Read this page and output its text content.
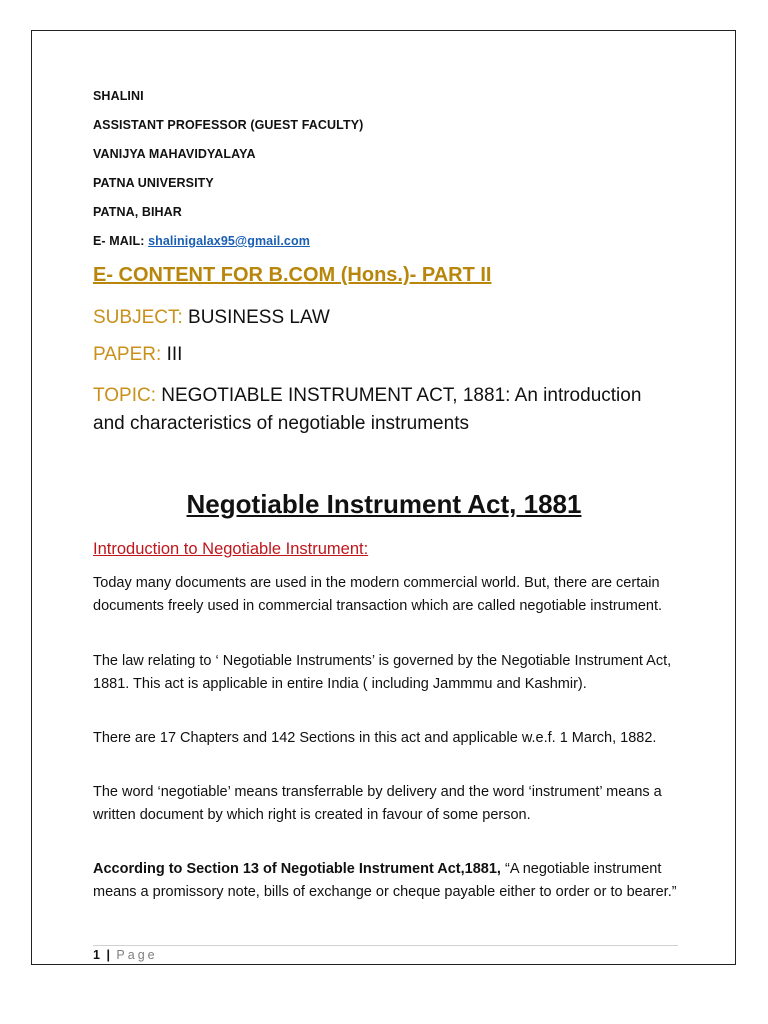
SHALINI
ASSISTANT PROFESSOR (GUEST FACULTY)
VANIJYA MAHAVIDYALAYA
PATNA UNIVERSITY
PATNA, BIHAR
E- MAIL: shalinigalax95@gmail.com
E- CONTENT FOR B.COM (Hons.)- PART II
SUBJECT: BUSINESS LAW
PAPER: III
TOPIC: NEGOTIABLE INSTRUMENT ACT, 1881: An introduction and characteristics of negotiable instruments
Negotiable Instrument Act, 1881
Introduction to Negotiable Instrument:
Today many documents are used in the modern commercial world. But, there are certain documents freely used in commercial transaction which are called negotiable instrument.
The law relating to ‘ Negotiable Instruments’ is governed by the Negotiable Instrument Act, 1881. This act is applicable in entire India ( including Jammmu and Kashmir).
There are 17 Chapters and 142 Sections in this act and applicable w.e.f. 1 March, 1882.
The word ‘negotiable’ means transferrable by delivery and the word ‘instrument’ means a written document by which right is created in favour of some person.
According to Section 13 of Negotiable Instrument Act,1881, “A negotiable instrument means a promissory note, bills of exchange or cheque payable either to order or to bearer.”
1 | Page
